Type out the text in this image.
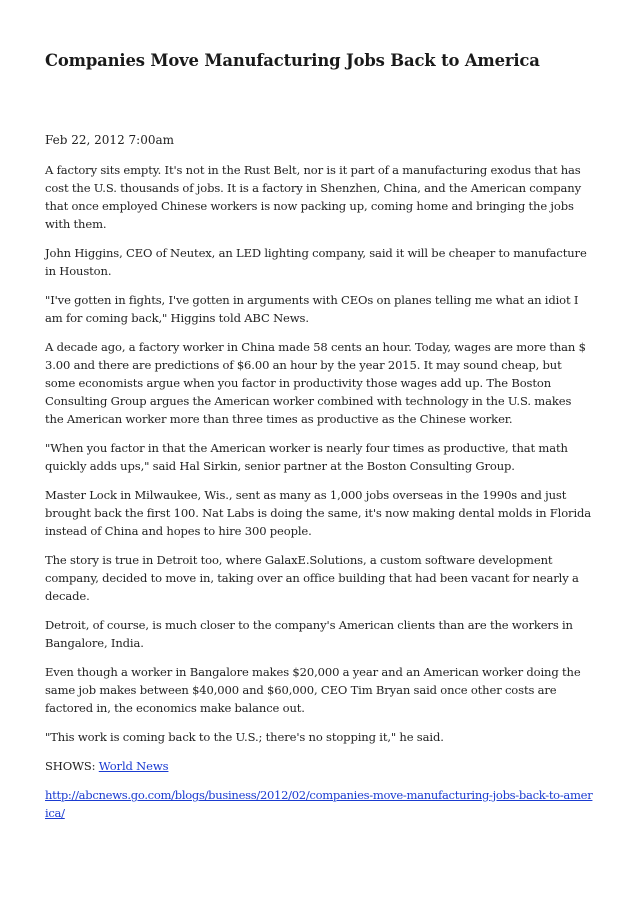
Companies Move Manufacturing Jobs Back to America
Feb 22, 2012 7:00am

A factory sits empty. It's not in the Rust Belt, nor is it part of a manufacturing exodus that has cost the U.S. thousands of jobs. It is a factory in Shenzhen, China, and the American company that once employed Chinese workers is now packing up, coming home and bringing the jobs with them.

John Higgins, CEO of Neutex, an LED lighting company, said it will be cheaper to manufacture in Houston.

"I've gotten in fights, I've gotten in arguments with CEOs on planes telling me what an idiot I am for coming back," Higgins told ABC News.

A decade ago, a factory worker in China made 58 cents an hour. Today, wages are more than $ 3.00 and there are predictions of $6.00 an hour by the year 2015. It may sound cheap, but some economists argue when you factor in productivity those wages add up. The Boston Consulting Group argues the American worker combined with technology in the U.S. makes the American worker more than three times as productive as the Chinese worker.

"When you factor in that the American worker is nearly four times as productive, that math quickly adds ups," said Hal Sirkin, senior partner at the Boston Consulting Group.

Master Lock in Milwaukee, Wis., sent as many as 1,000 jobs overseas in the 1990s and just brought back the first 100. Nat Labs is doing the same, it's now making dental molds in Florida instead of China and hopes to hire 300 people.

The story is true in Detroit too, where GalaxE.Solutions, a custom software development company, decided to move in, taking over an office building that had been vacant for nearly a decade.

Detroit, of course, is much closer to the company's American clients than are the workers in Bangalore, India.

Even though a worker in Bangalore makes $20,000 a year and an American worker doing the same job makes between $40,000 and $60,000, CEO Tim Bryan said once other costs are factored in, the economics make balance out.

"This work is coming back to the U.S.; there's no stopping it," he said.

SHOWS: World News

http://abcnews.go.com/blogs/business/2012/02/companies-move-manufacturing-jobs-back-to-america/
